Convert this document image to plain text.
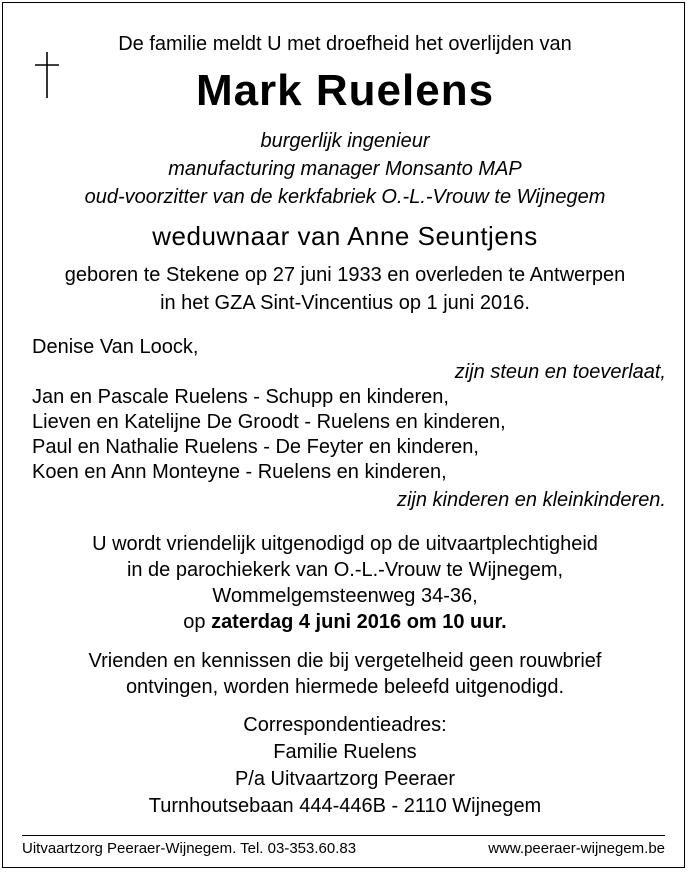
De familie meldt U met droefheid het overlijden van
Mark Ruelens
burgerlijk ingenieur
manufacturing manager Monsanto MAP
oud-voorzitter van de kerkfabriek O.-L.-Vrouw te Wijnegem
weduwnaar van Anne Seuntjens
geboren te Stekene op 27 juni 1933 en overleden te Antwerpen
in het GZA Sint-Vincentius op 1 juni 2016.
Denise Van Loock,
zijn steun en toeverlaat,
Jan en Pascale Ruelens - Schupp en kinderen,
Lieven en Katelijne De Groodt - Ruelens en kinderen,
Paul en Nathalie Ruelens - De Feyter en kinderen,
Koen en Ann Monteyne - Ruelens en kinderen,
zijn kinderen en kleinkinderen.
U wordt vriendelijk uitgenodigd op de uitvaartplechtigheid
in de parochiekerk van O.-L.-Vrouw te Wijnegem,
Wommelgemsteenweg 34-36,
op zaterdag 4 juni 2016 om 10 uur.
Vrienden en kennissen die bij vergetelheid geen rouwbrief
ontvingen, worden hiermede beleefd uitgenodigd.
Correspondentieadres:
Familie Ruelens
P/a Uitvaartzorg Peeraer
Turnhoutsebaan 444-446B - 2110 Wijnegem
Uitvaartzorg Peeraer-Wijnegem. Tel. 03-353.60.83	www.peeraer-wijnegem.be
